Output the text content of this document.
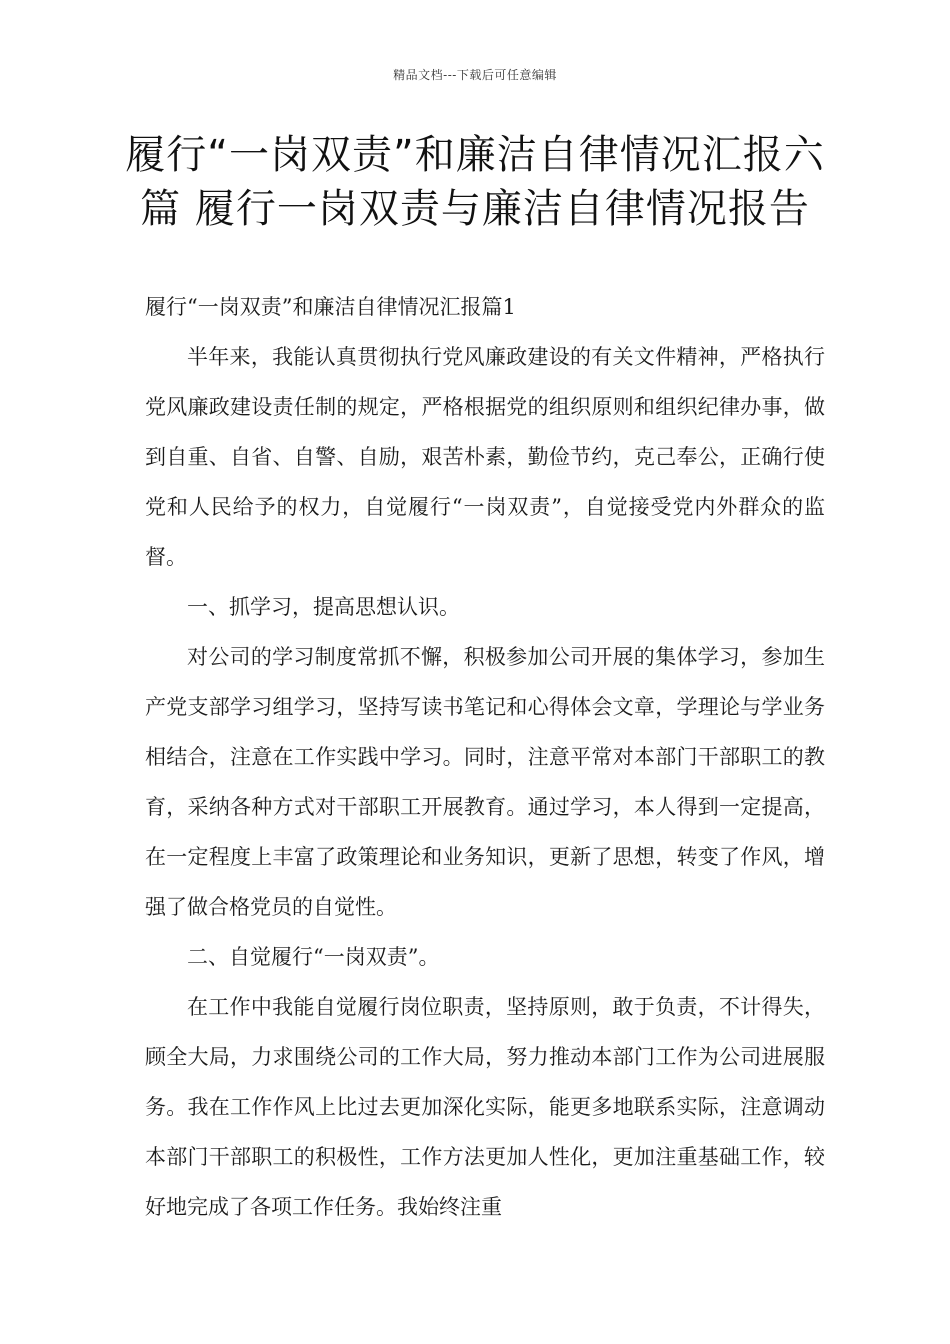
精品文档---下载后可任意编辑
履行“一岗双责”和廉洁自律情况汇报六篇 履行一岗双责与廉洁自律情况报告

履行“一岗双责”和廉洁自律情况汇报篇1

半年来，我能认真贯彻执行党风廉政建设的有关文件精神，严格执行党风廉政建设责任制的规定，严格根据党的组织原则和组织纪律办事，做到自重、自省、自警、自励，艰苦朴素，勤俭节约，克己奉公，正确行使党和人民给予的权力，自觉履行“一岗双责”，自觉接受党内外群众的监督。

一、抓学习，提高思想认识。

对公司的学习制度常抓不懈，积极参加公司开展的集体学习，参加生产党支部学习组学习，坚持写读书笔记和心得体会文章，学理论与学业务相结合，注意在工作实践中学习。同时，注意平常对本部门干部职工的教育，采纳各种方式对干部职工开展教育。通过学习，本人得到一定提高，在一定程度上丰富了政策理论和业务知识，更新了思想，转变了作风，增强了做合格党员的自觉性。

二、自觉履行“一岗双责”。

在工作中我能自觉履行岗位职责，坚持原则，敢于负责，不计得失，顾全大局，力求围绕公司的工作大局，努力推动本部门工作为公司进展服务。我在工作作风上比过去更加深化实际，能更多地联系实际，注意调动本部门干部职工的积极性，工作方法更加人性化，更加注重基础工作，较好地完成了各项工作任务。我始终注重
